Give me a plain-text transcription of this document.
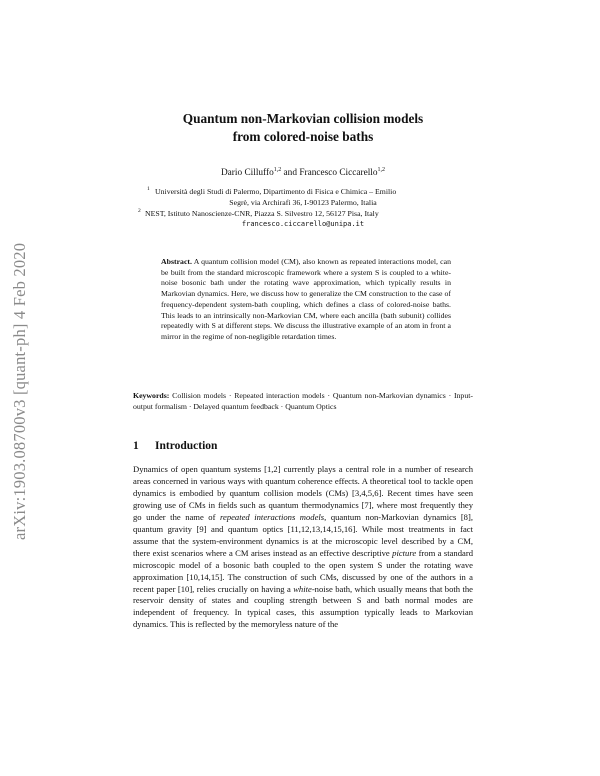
arXiv:1903.08700v3 [quant-ph] 4 Feb 2020
Quantum non-Markovian collision models
from colored-noise baths
Dario Cilluffo$^{1,2}$ and Francesco Ciccarello$^{1,2}$
1 Università degli Studi di Palermo, Dipartimento di Fisica e Chimica – Emilio
Segrè, via Archirafi 36, I-90123 Palermo, Italia
2 NEST, Istituto Nanoscienze-CNR, Piazza S. Silvestro 12, 56127 Pisa, Italy
francesco.ciccarello@unipa.it
Abstract. A quantum collision model (CM), also known as repeated interactions model, can be built from the standard microscopic framework where a system S is coupled to a white-noise bosonic bath under the rotating wave approximation, which typically results in Markovian dynamics. Here, we discuss how to generalize the CM construction to the case of frequency-dependent system-bath coupling, which defines a class of colored-noise baths. This leads to an intrinsically non-Markovian CM, where each ancilla (bath subunit) collides repeatedly with S at different steps. We discuss the illustrative example of an atom in front a mirror in the regime of non-negligible retardation times.
Keywords: Collision models · Repeated interaction models · Quantum non-Markovian dynamics · Input-output formalism · Delayed quantum feedback · Quantum Optics
1 Introduction
Dynamics of open quantum systems [1,2] currently plays a central role in a number of research areas concerned in various ways with quantum coherence effects. A theoretical tool to tackle open dynamics is embodied by quantum collision models (CMs) [3,4,5,6]. Recent times have seen growing use of CMs in fields such as quantum thermodynamics [7], where most frequently they go under the name of repeated interactions models, quantum non-Markovian dynamics [8], quantum gravity [9] and quantum optics [11,12,13,14,15,16]. While most treatments in fact assume that the system-environment dynamics is at the microscopic level described by a CM, there exist scenarios where a CM arises instead as an effective descriptive picture from a standard microscopic model of a bosonic bath coupled to the open system S under the rotating wave approximation [10,14,15]. The construction of such CMs, discussed by one of the authors in a recent paper [10], relies crucially on having a white-noise bath, which usually means that both the reservoir density of states and coupling strength between S and bath normal modes are independent of frequency. In typical cases, this assumption typically leads to Markovian dynamics. This is reflected by the memoryless nature of the
